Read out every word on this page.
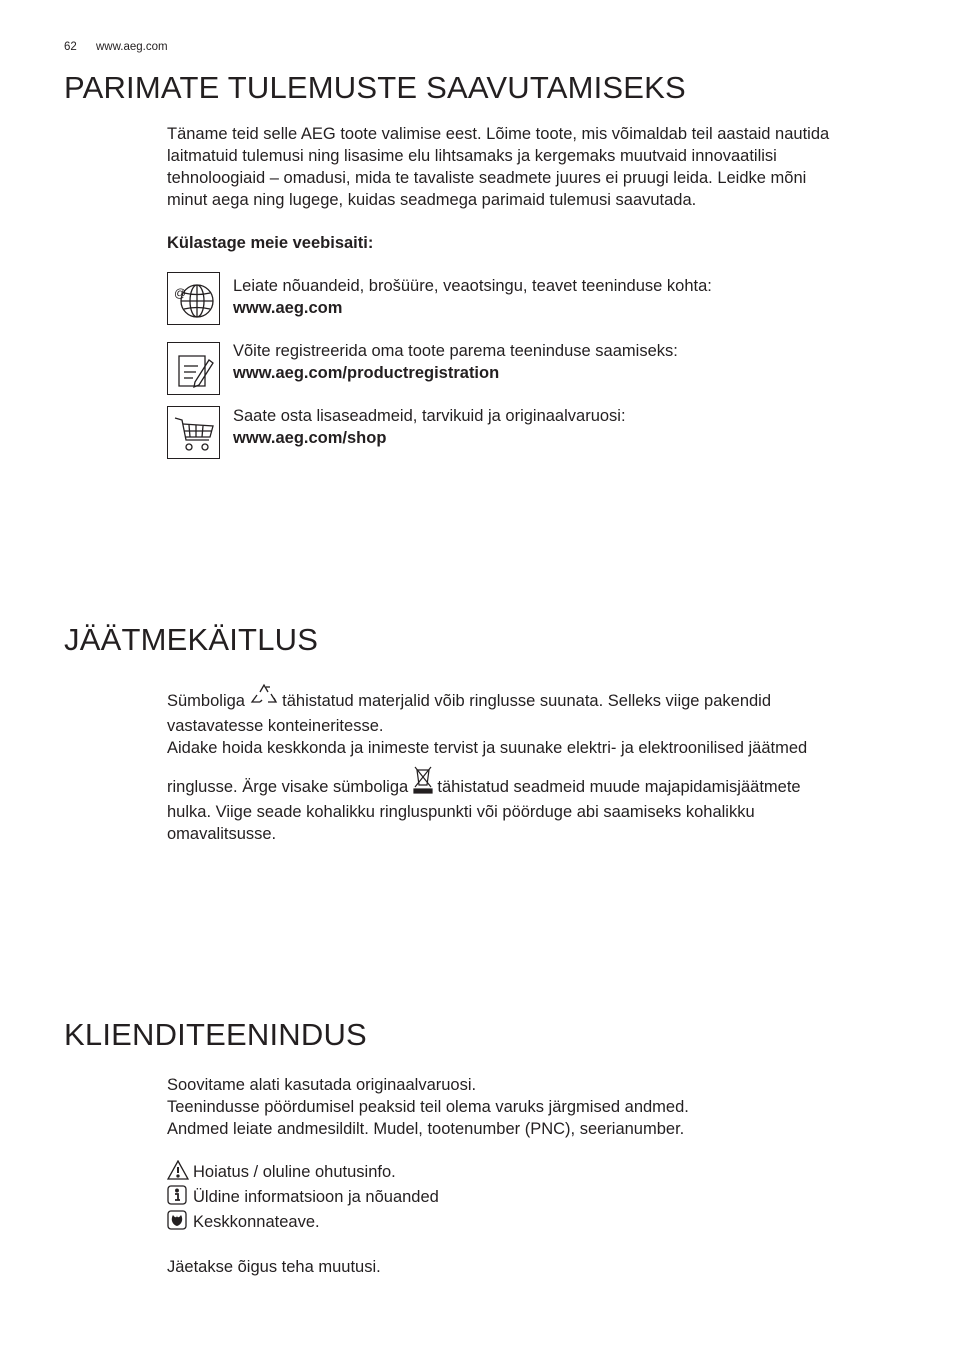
62 www.aeg.com
PARIMATE TULEMUSTE SAAVUTAMISEKS

Täname teid selle AEG toote valimise eest. Lõime toote, mis võimaldab teil aastaid nautida

laitmatuid tulemusi ning lisasime elu lihtsamaks ja kergemaks muutvaid innovaatilisi

tehnoloogiaid – omadusi, mida te tavaliste seadmete juures ei pruugi leida. Leidke mõni

minut aega ning lugege, kuidas seadmega parimaid tulemusi saavutada.

Külastage meie veebisaiti:
@	Leiate nõuandeid, brošüüre, veaotsingu, teavet teeninduse kohta:
www.aeg.com
Võite registreerida oma toote parema teeninduse saamiseks:
www.aeg.com/productregistration
Saate osta lisaseadmeid, tarvikuid ja originaalvaruosi:
www.aeg.com/shop
JÄÄTMEKÄITLUS

Sümboliga tähistatud materjalid võib ringlusse suunata. Selleks viige pakendid

vastavatesse konteineritesse.

Aidake hoida keskkonda ja inimeste tervist ja suunake elektri- ja elektroonilised jäätmed

ringlusse. Ärge visake sümboliga tähistatud seadmeid muude majapidamisjäätmete

hulka. Viige seade kohalikku ringluspunkti või pöörduge abi saamiseks kohalikku

omavalitsusse.

KLIENDITEENINDUS

Soovitame alati kasutada originaalvaruosi.

Teenindusse pöördumisel peaksid teil olema varuks järgmised andmed.

Andmed leiate andmesildilt. Mudel, tootenumber (PNC), seerianumber.

Hoiatus / oluline ohutusinfo.

Üldine informatsioon ja nõuanded

Keskkonnateave.

Jäetakse õigus teha muutusi.
